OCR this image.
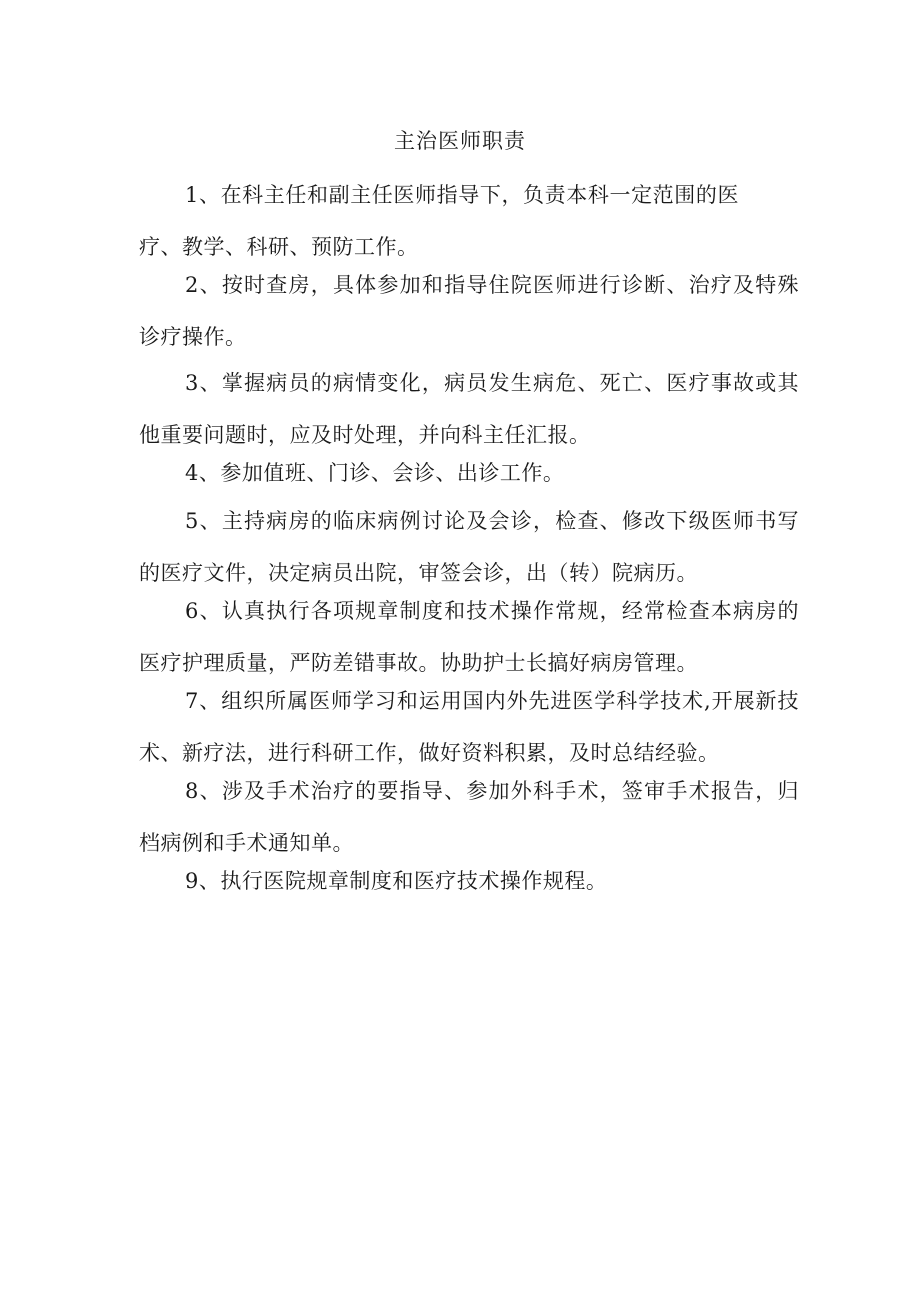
主治医师职责

1、在科主任和副主任医师指导下，负责本科一定范围的医疗、教学、科研、预防工作。

2、按时查房，具体参加和指导住院医师进行诊断、治疗及特殊诊疗操作。

3、掌握病员的病情变化，病员发生病危、死亡、医疗事故或其他重要问题时，应及时处理，并向科主任汇报。

4、参加值班、门诊、会诊、出诊工作。

5、主持病房的临床病例讨论及会诊，检查、修改下级医师书写的医疗文件，决定病员出院，审签会诊，出（转）院病历。

6、认真执行各项规章制度和技术操作常规，经常检查本病房的医疗护理质量，严防差错事故。协助护士长搞好病房管理。

7、组织所属医师学习和运用国内外先进医学科学技术,开展新技术、新疗法，进行科研工作，做好资料积累，及时总结经验。

8、涉及手术治疗的要指导、参加外科手术，签审手术报告，归档病例和手术通知单。

9、执行医院规章制度和医疗技术操作规程。
